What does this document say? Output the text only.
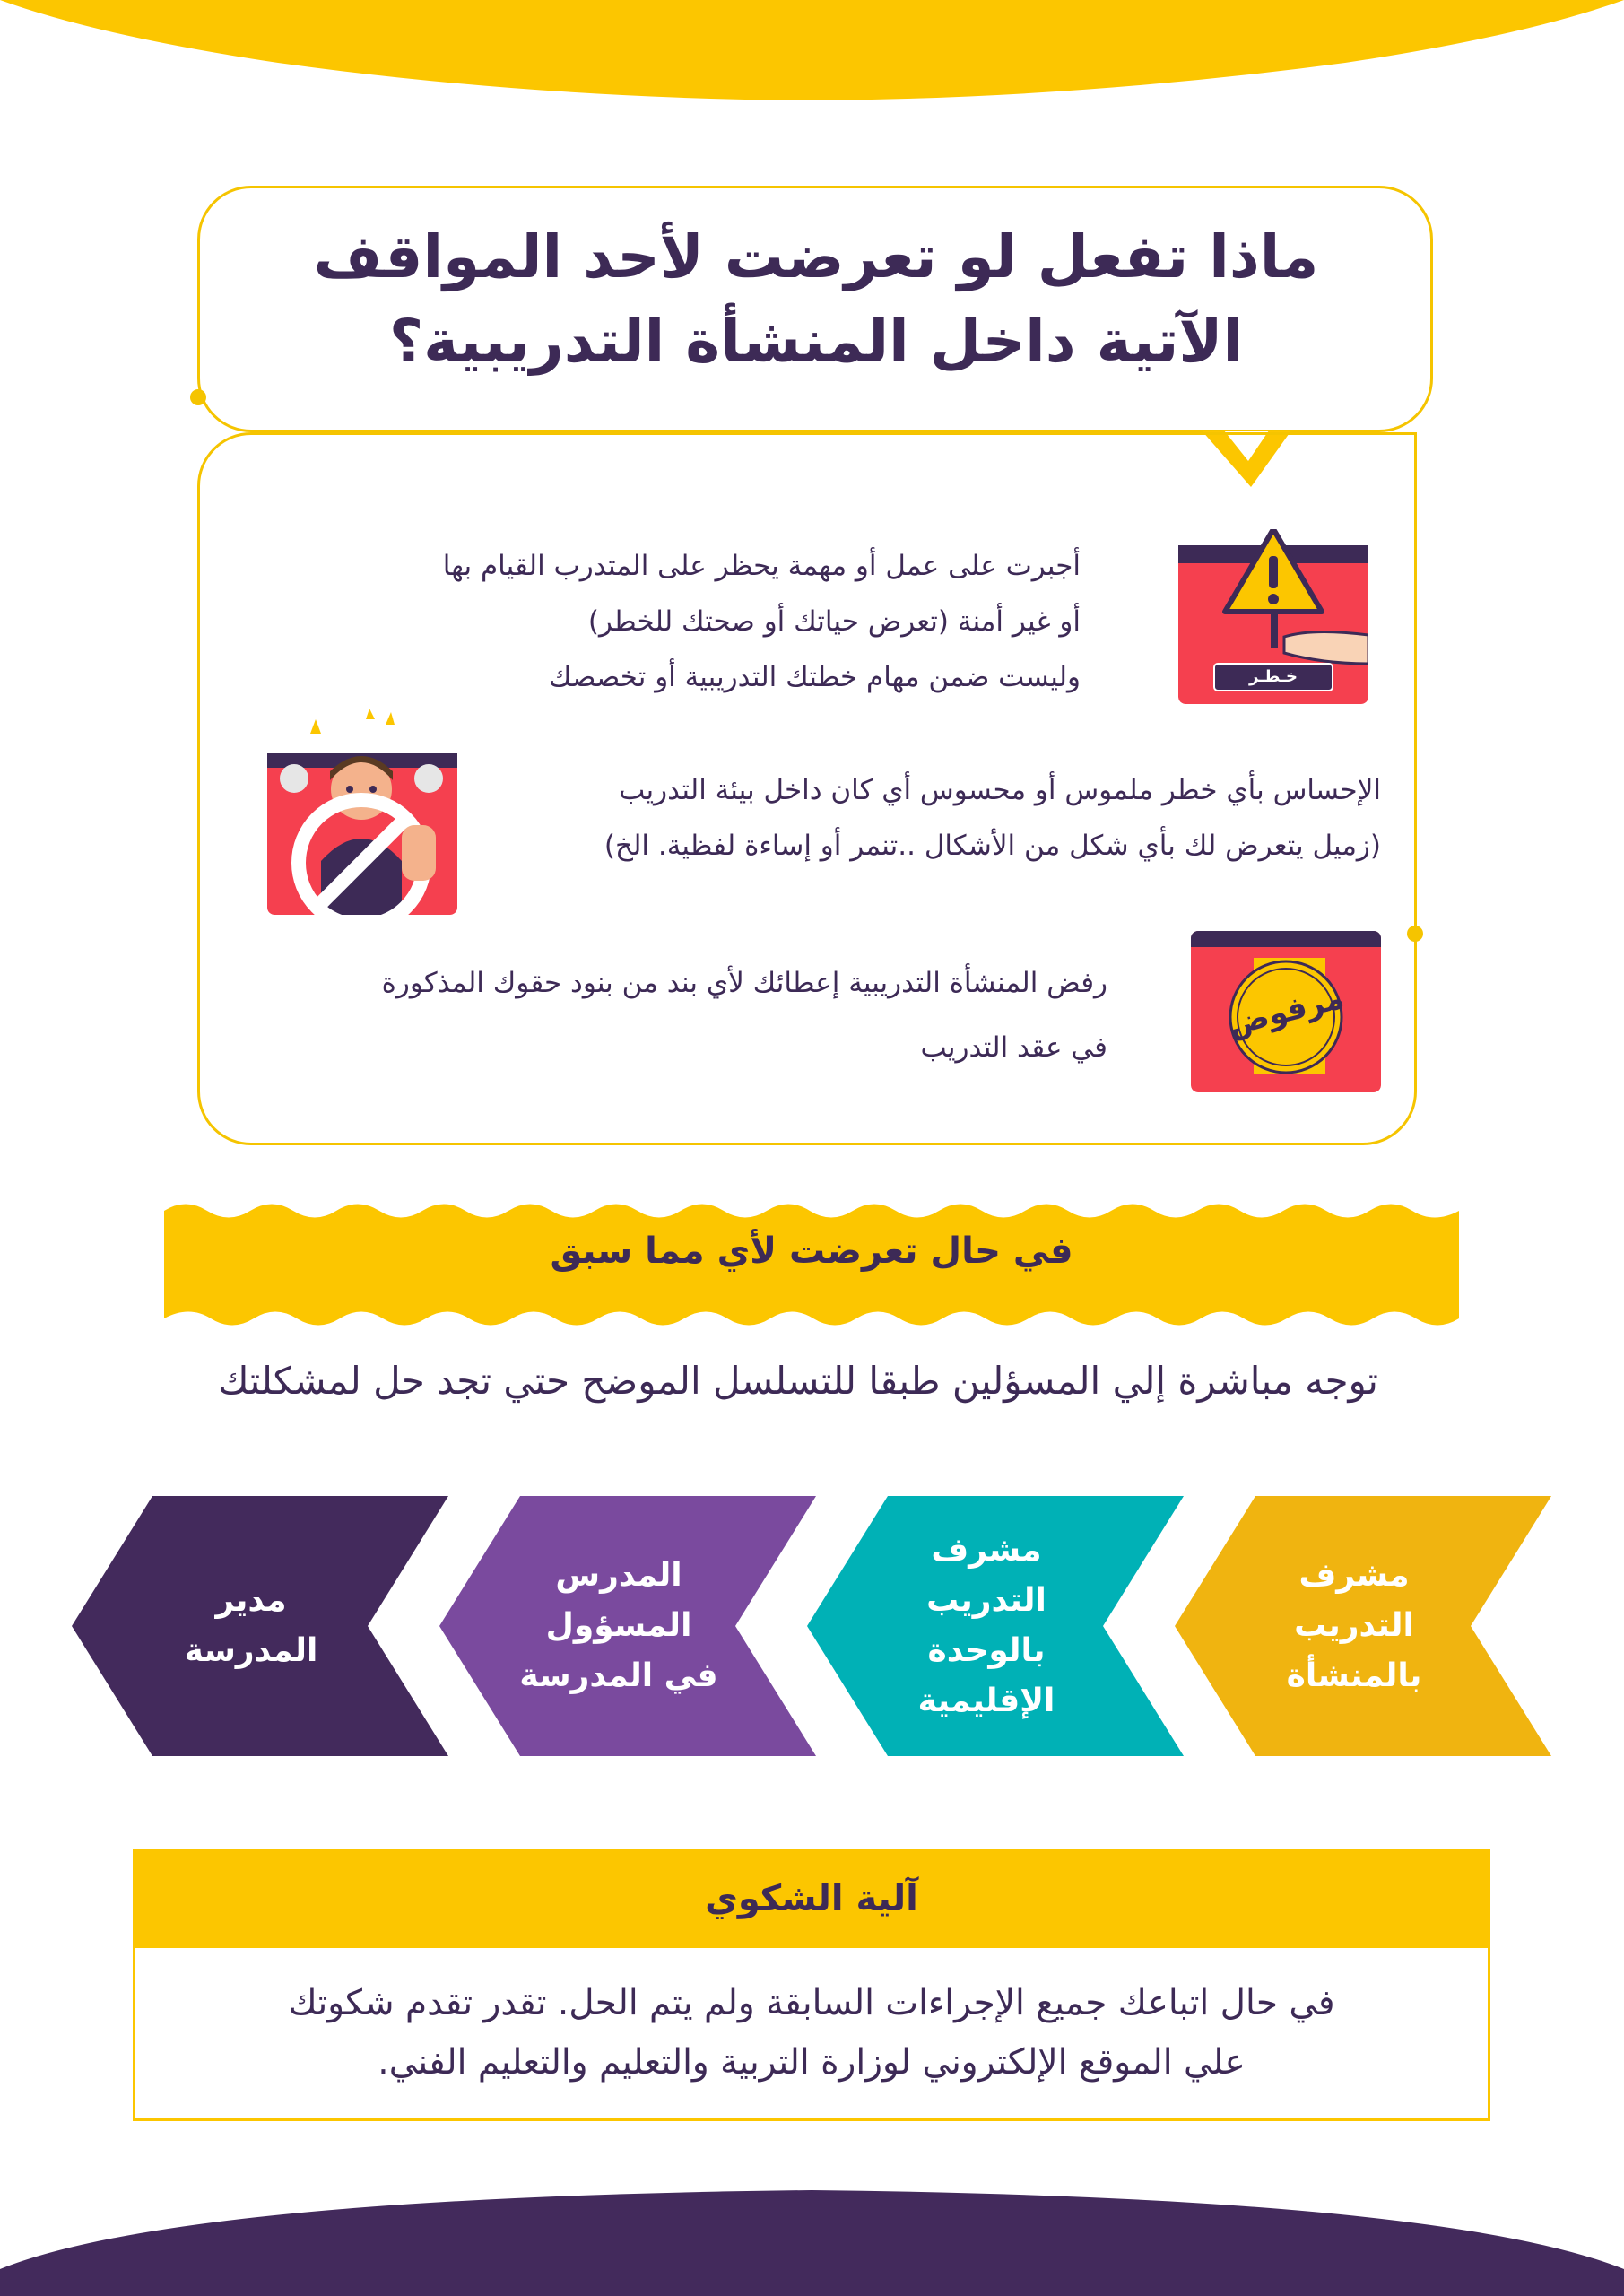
ماذا تفعل لو تعرضت لأحد المواقف
الآتية داخل المنشأة التدريبية؟

أجبرت على عمل أو مهمة يحظر على المتدرب القيام بها

أو غير أمنة (تعرض حياتك أو صحتك للخطر)

وليست ضمن مهام خطتك التدريبية أو تخصصك	خـطـر

الإحساس بأي خطر ملموس أو محسوس أي كان داخل بيئة التدريب

(زميل يتعرض لك بأي شكل من الأشكال ..تنمر أو إساءة لفظية. الخ)

رفض المنشأة التدريبية إعطائك لأي بند من بنود حقوك المذكورة

في عقد التدريب

مرفوض

في حال تعرضت لأي مما سبق

توجه مباشرة إلي المسؤلين طبقا للتسلسل الموضح حتي تجد حل لمشكلتك

مشرف
التدريب
بالمنشأة
مشرف
التدريب
بالوحدة
الإقليمية
المدرس
المسؤول
في المدرسة
مدير
المدرسة
آلية الشكوي
في حال اتباعك جميع الإجراءات السابقة ولم يتم الحل. تقدر تقدم شكوتك
علي الموقع الإلكتروني لوزارة التربية والتعليم والتعليم الفني.
